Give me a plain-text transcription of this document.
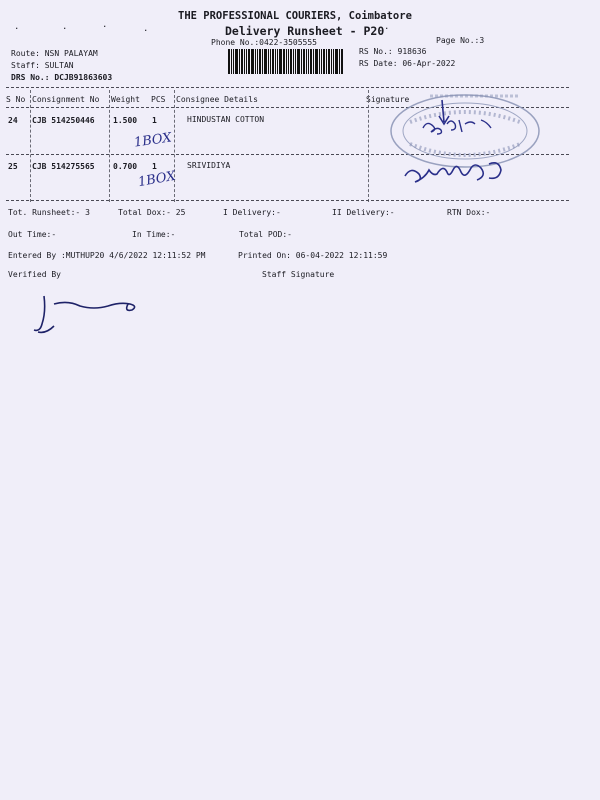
THE PROFESSIONAL COURIERS, Coimbatore
Delivery Runsheet - P20
Phone No.:0422-3505555	Page No.:3
.	.	.	.	.
Route: NSN PALAYAM
Staff: SULTAN
DRS No.: DCJB91863603
RS No.: 918636
RS Date: 06-Apr-2022
S No Consignment No Weight PCS Consignee Details	Signature
24 CJB 514250446 1.500 1	HINDUSTAN COTTON
1BOX
25 CJB 514275565 0.700 1	SRIVIDIYA
1BOX
Tot. Runsheet:- 3	Total Dox:- 25	I Delivery:-	II Delivery:-	RTN Dox:-
Out Time:-	In Time:-	Total POD:-
Entered By :MUTHUP20 4/6/2022 12:11:52 PM	Printed On: 06-04-2022 12:11:59
Verified By	Staff Signature
